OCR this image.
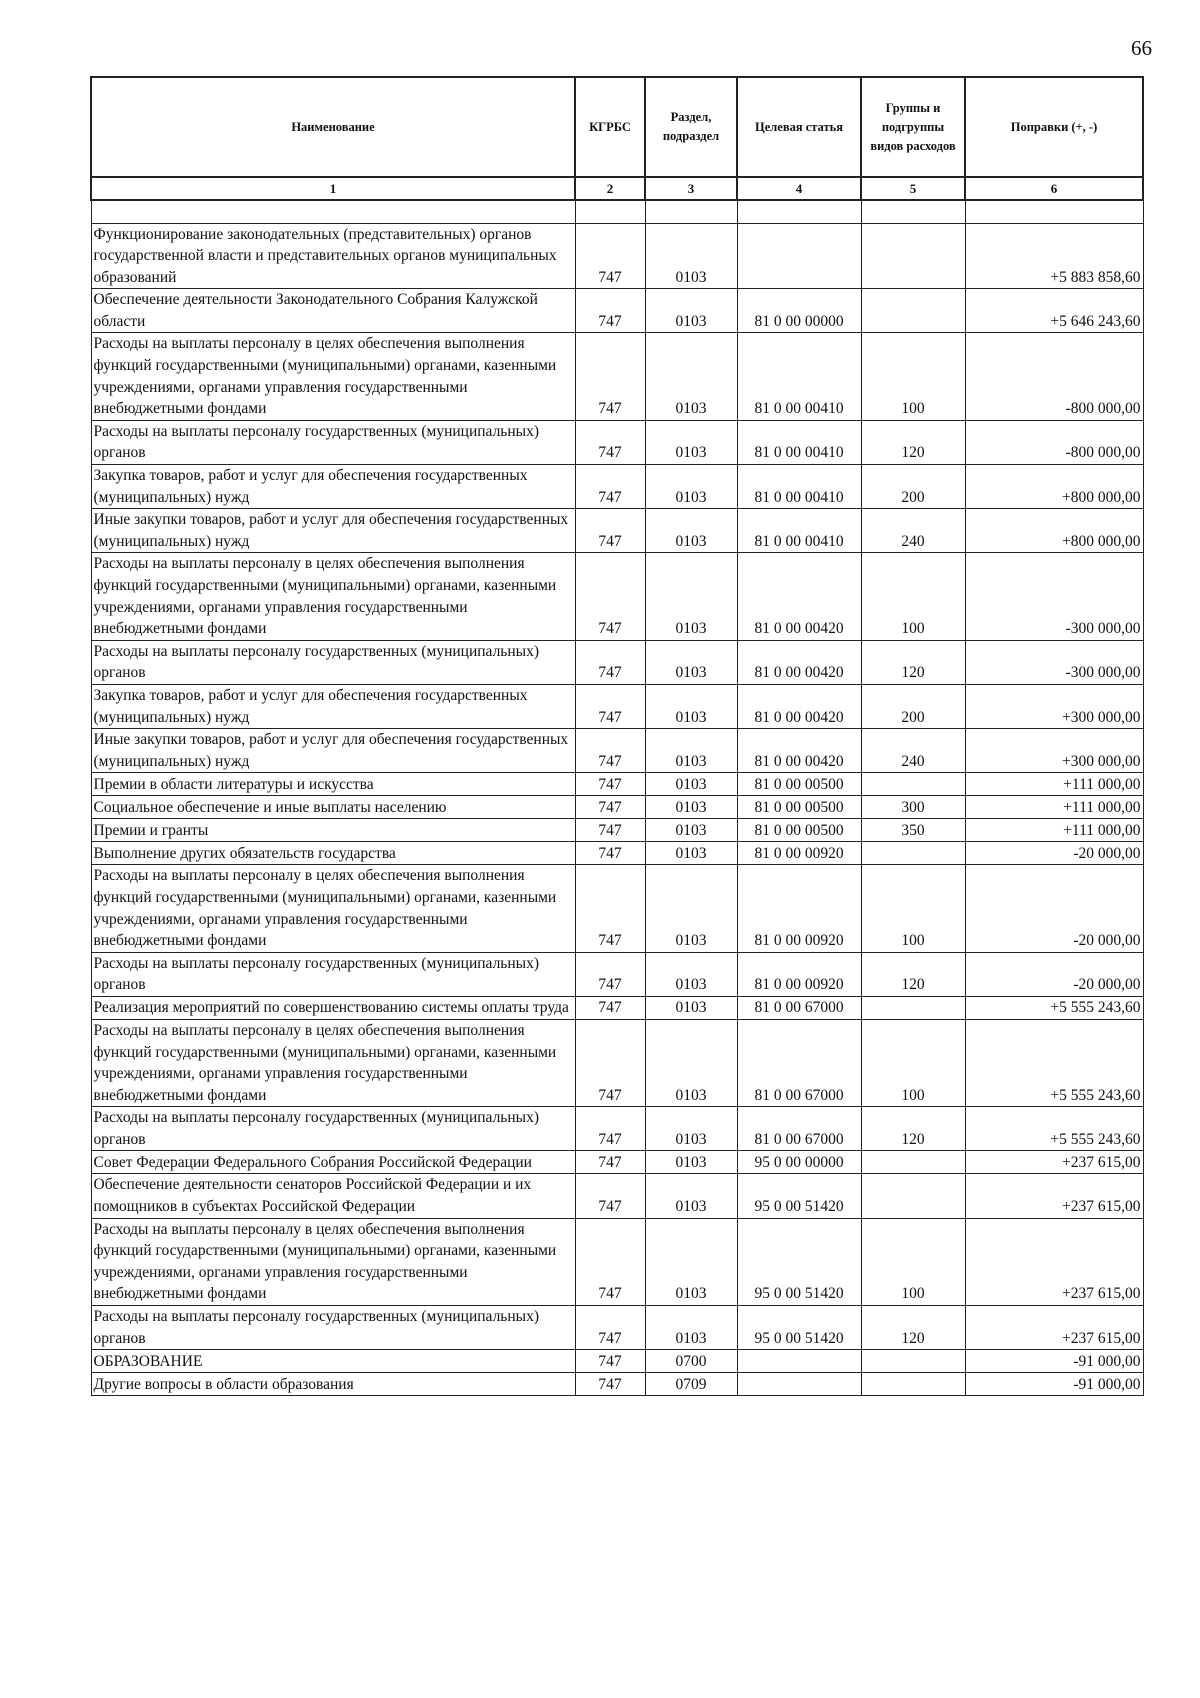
66
Наименование	КГРБС	Раздел, подраздел	Целевая статья	Группы и подгруппы видов расходов	Поправки (+, -)
1	2	3	4	5	6

Функционирование законодательных (представительных) органов государственной власти и представительных органов муниципальных образований	747	0103			+5 883 858,60
Обеспечение деятельности Законодательного Собрания Калужской области	747	0103	81 0 00 00000		+5 646 243,60
Расходы на выплаты персоналу в целях обеспечения выполнения функций государственными (муниципальными) органами, казенными учреждениями, органами управления государственными внебюджетными фондами	747	0103	81 0 00 00410	100	-800 000,00
Расходы на выплаты персоналу государственных (муниципальных) органов	747	0103	81 0 00 00410	120	-800 000,00
Закупка товаров, работ и услуг для обеспечения государственных (муниципальных) нужд	747	0103	81 0 00 00410	200	+800 000,00
Иные закупки товаров, работ и услуг для обеспечения государственных (муниципальных) нужд	747	0103	81 0 00 00410	240	+800 000,00
Расходы на выплаты персоналу в целях обеспечения выполнения функций государственными (муниципальными) органами, казенными учреждениями, органами управления государственными внебюджетными фондами	747	0103	81 0 00 00420	100	-300 000,00
Расходы на выплаты персоналу государственных (муниципальных) органов	747	0103	81 0 00 00420	120	-300 000,00
Закупка товаров, работ и услуг для обеспечения государственных (муниципальных) нужд	747	0103	81 0 00 00420	200	+300 000,00
Иные закупки товаров, работ и услуг для обеспечения государственных (муниципальных) нужд	747	0103	81 0 00 00420	240	+300 000,00
Премии в области литературы и искусства	747	0103	81 0 00 00500		+111 000,00
Социальное обеспечение и иные выплаты населению	747	0103	81 0 00 00500	300	+111 000,00
Премии и гранты	747	0103	81 0 00 00500	350	+111 000,00
Выполнение других обязательств государства	747	0103	81 0 00 00920		-20 000,00
Расходы на выплаты персоналу в целях обеспечения выполнения функций государственными (муниципальными) органами, казенными учреждениями, органами управления государственными внебюджетными фондами	747	0103	81 0 00 00920	100	-20 000,00
Расходы на выплаты персоналу государственных (муниципальных) органов	747	0103	81 0 00 00920	120	-20 000,00
Реализация мероприятий по совершенствованию системы оплаты труда	747	0103	81 0 00 67000		+5 555 243,60
Расходы на выплаты персоналу в целях обеспечения выполнения функций государственными (муниципальными) органами, казенными учреждениями, органами управления государственными внебюджетными фондами	747	0103	81 0 00 67000	100	+5 555 243,60
Расходы на выплаты персоналу государственных (муниципальных) органов	747	0103	81 0 00 67000	120	+5 555 243,60
Совет Федерации Федерального Собрания Российской Федерации	747	0103	95 0 00 00000		+237 615,00
Обеспечение деятельности сенаторов Российской Федерации и их помощников в субъектах Российской Федерации	747	0103	95 0 00 51420		+237 615,00
Расходы на выплаты персоналу в целях обеспечения выполнения функций государственными (муниципальными) органами, казенными учреждениями, органами управления государственными внебюджетными фондами	747	0103	95 0 00 51420	100	+237 615,00
Расходы на выплаты персоналу государственных (муниципальных) органов	747	0103	95 0 00 51420	120	+237 615,00
ОБРАЗОВАНИЕ	747	0700			-91 000,00
Другие вопросы в области образования	747	0709			-91 000,00
